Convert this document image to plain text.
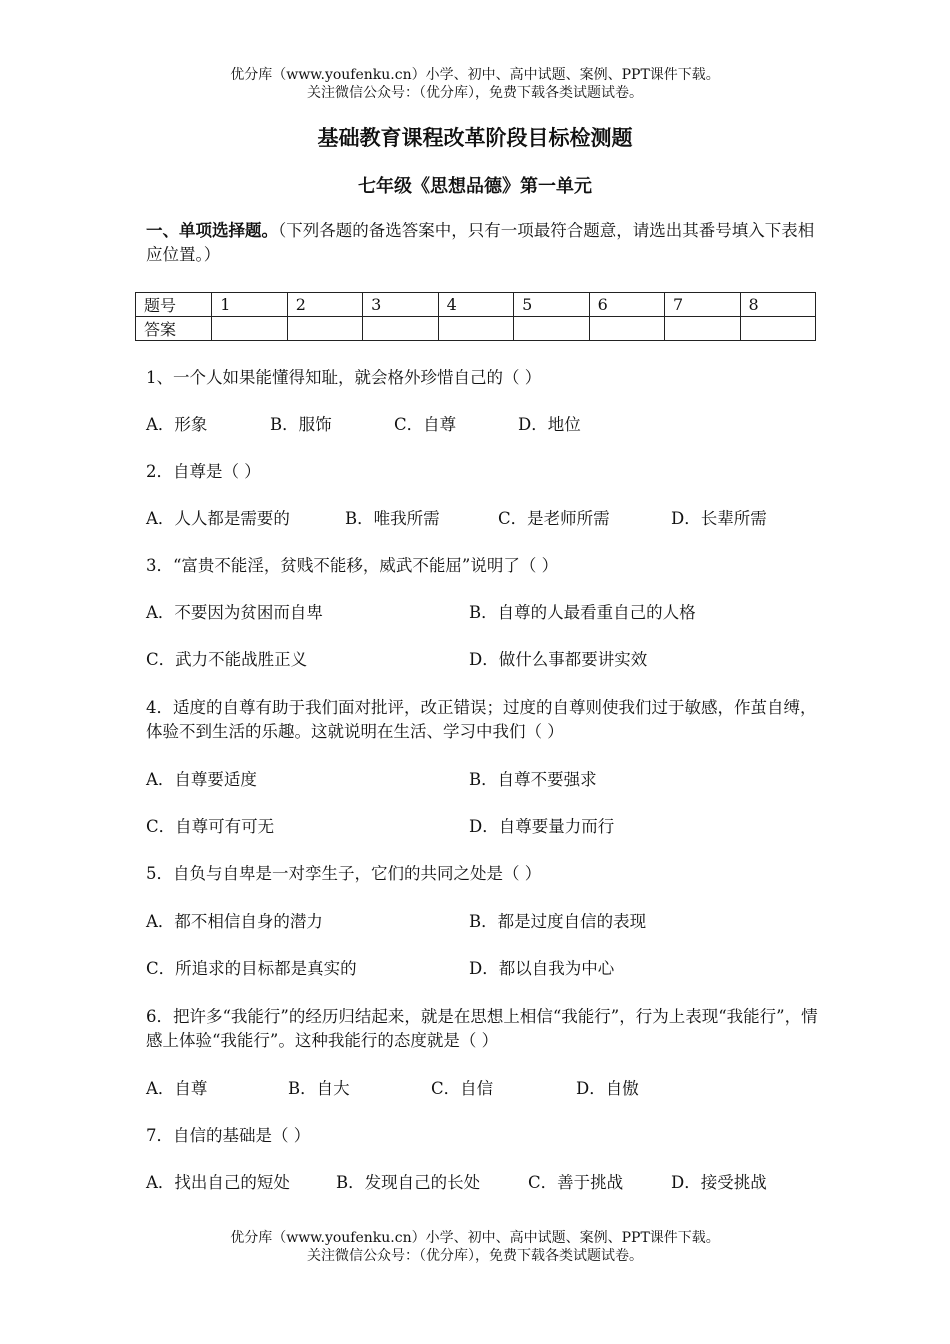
优分库（www.youfenku.cn）小学、初中、高中试题、案例、PPT课件下载。
关注微信公众号：（优分库），免费下载各类试题试卷。
基础教育课程改革阶段目标检测题
七年级《思想品德》第一单元
一、单项选择题。（下列各题的备选答案中，只有一项最符合题意，请选出其番号填入下表相应位置。）
题号	1	2	3	4	5	6	7	8
答案								
1、一个人如果能懂得知耻，就会格外珍惜自己的（ ）
A．形象	B．服饰	C．自尊	D．地位
2．自尊是（ ）
A．人人都是需要的	B．唯我所需	C．是老师所需	D．长辈所需
3．“富贵不能淫，贫贱不能移，威武不能屈”说明了（ ）
A．不要因为贫困而自卑	B．自尊的人最看重自己的人格
C．武力不能战胜正义	D．做什么事都要讲实效
4．适度的自尊有助于我们面对批评，改正错误；过度的自尊则使我们过于敏感，作茧自缚，体验不到生活的乐趣。这就说明在生活、学习中我们（ ）
A．自尊要适度	B．自尊不要强求
C．自尊可有可无	D．自尊要量力而行
5．自负与自卑是一对孪生子，它们的共同之处是（ ）
A．都不相信自身的潜力	B．都是过度自信的表现
C．所追求的目标都是真实的	D．都以自我为中心
6．把许多“我能行”的经历归结起来，就是在思想上相信“我能行”，行为上表现“我能行”，情感上体验“我能行”。这种我能行的态度就是（ ）
A．自尊	B．自大	C．自信	D．自傲
7．自信的基础是（ ）
A．找出自己的短处	B．发现自己的长处	C．善于挑战	D．接受挑战
优分库（www.youfenku.cn）小学、初中、高中试题、案例、PPT课件下载。
关注微信公众号：（优分库），免费下载各类试题试卷。
